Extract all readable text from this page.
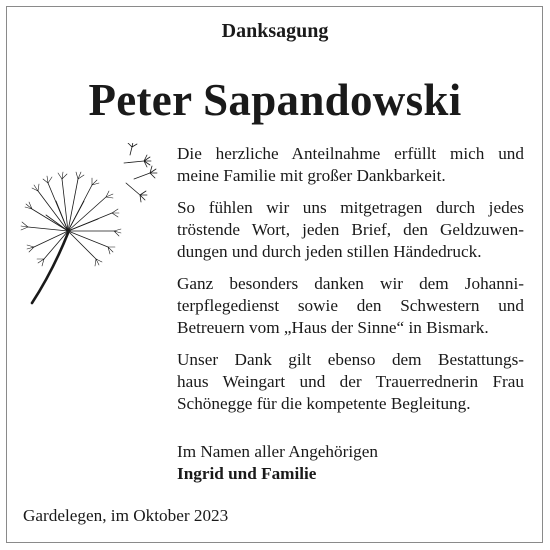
Danksagung
Peter Sapandowski

Die herzliche Anteilnahme erfüllt mich und
meine Familie mit großer Dankbarkeit.

So fühlen wir uns mitgetragen durch jedes
tröstende Wort, jeden Brief, den Geldzuwen-
dungen und durch jeden stillen Händedruck.

Ganz besonders danken wir dem Johanni-
terpflegedienst sowie den Schwestern und
Betreuern vom „Haus der Sinne“ in Bismark.

Unser Dank gilt ebenso dem Bestattungs-
haus Weingart und der Trauerrednerin Frau
Schönegge für die kompetente Begleitung.

Im Namen aller Angehörigen
Ingrid und Familie
Gardelegen, im Oktober 2023
